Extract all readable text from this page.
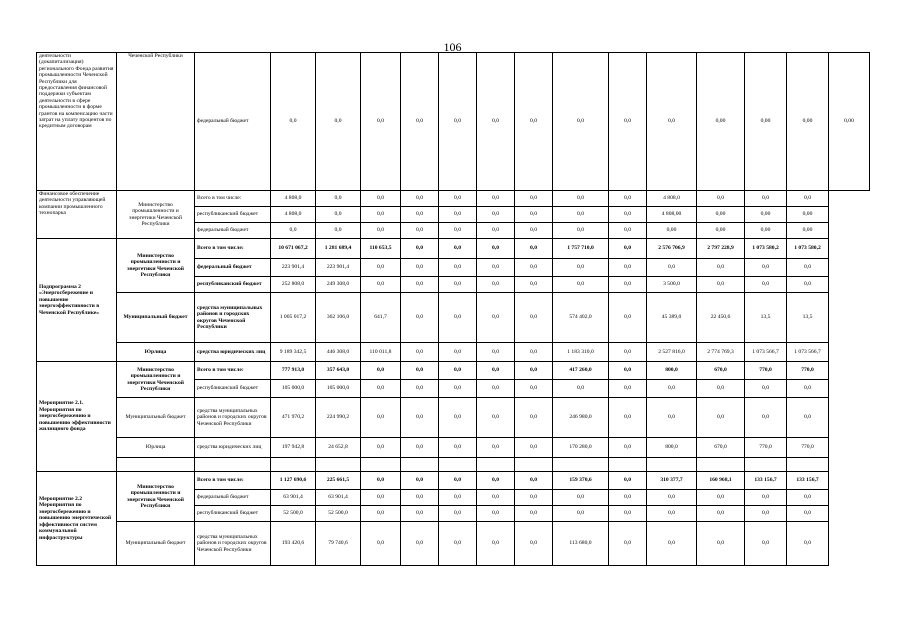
106
деятельности (докапитализация) регионального Фонда развития промышленности Чеченской Республики для предоставления финансовой поддержки субъектам деятельности в сфере промышленности в форме грантов на компенсацию части затрат на уплату процентов по кредитным договорам	Чеченской Республики	федеральный бюджет	0,0	0,0	0,0	0,0	0,0	0,0	0,0	0,0	0,0	0,0	0,00	0,00	0,00	0,00
Финансовое обеспечение деятельности управляющей компании промышленного технопарка	Министерство промышленности и энергетики Чеченской Республики	Всего в том числе:	4 808,0	0,0	0,0	0,0	0,0	0,0	0,0	0,0	0,0	4 808,0	0,0	0,0	0,0	
		республиканский бюджет	4 808,0	0,0	0,0	0,0	0,0	0,0	0,0	0,0	0,0	4 808,00	0,00	0,00	0,00	
		федеральный бюджет	0,0	0,0	0,0	0,0	0,0	0,0	0,0	0,0	0,0	0,00	0,00	0,00	0,00	
Подпрограмма 2 «Энергосбережение и повышение энергоэффективности в Чеченской Республике»	Министерство промышленности и энергетики Чеченской Республики	Всего в том числе:	10 671 067,2	1 281 689,4	110 653,5	0,0	0,0	0,0	0,0	1 757 710,0	0,0	2 576 706,9	2 797 228,9	1 073 580,2	1 073 580,2	
		федеральный бюджет	223 901,4	223 901,4	0,0	0,0	0,0	0,0	0,0	0,0	0,0	0,0	0,0	0,0	0,0	
		республиканский бюджет	252 808,0	249 308,0	0,0	0,0	0,0	0,0	0,0	0,0	0,0	3 500,0	0,0	0,0	0,0	
	Муниципальный бюджет	средства муниципальных районов и городских округов Чеченской Республики	1 005 017,2	362 106,0	641,7	0,0	0,0	0,0	0,0	574 402,0	0,0	45 389,0	22 450,6	13,5	13,5	
	Юрлица	средства юридических лиц	9 189 342,5	446 308,0	110 011,8	0,0	0,0	0,0	0,0	1 183 310,0	0,0	2 527 816,0	2 774 769,3	1 073 566,7	1 073 566,7	
Мероприятие 2.1. Мероприятия по энергосбережению и повышению эффективности жилищного фонда	Министерство промышленности и энергетики Чеченской Республики	Всего в том числе:	777 913,0	357 643,0	0,0	0,0	0,0	0,0	0,0	417 260,0	0,0	800,0	670,0	770,0	770,0	
		республиканский бюджет	105 000,0	105 000,0	0,0	0,0	0,0	0,0	0,0	0,0	0,0	0,0	0,0	0,0	0,0	
	Муниципальный бюджет	средства муниципальных районов и городских округов Чеченской Республики	471 970,2	224 990,2	0,0	0,0	0,0	0,0	0,0	246 980,0	0,0	0,0	0,0	0,0	0,0	
	Юрлица	средства юридических лиц	197 942,8	24 652,8	0,0	0,0	0,0	0,0	0,0	170 280,0	0,0	800,0	670,0	770,0	770,0	

Мероприятие 2.2 Мероприятия по энергосбережению и повышению энергетической эффективности систем коммунальной инфраструктуры	Министерство промышленности и энергетики Чеченской Республики	Всего в том числе:	1 127 690,6	225 661,5	0,0	0,0	0,0	0,0	0,0	159 370,6	0,0	310 377,7	160 968,1	133 156,7	133 156,7	
		федеральный бюджет	63 901,4	63 901,4	0,0	0,0	0,0	0,0	0,0	0,0	0,0	0,0	0,0	0,0	0,0	
		республиканский бюджет	52 500,0	52 500,0	0,0	0,0	0,0	0,0	0,0	0,0	0,0	0,0	0,0	0,0	0,0	
	Муниципальный бюджет	средства муниципальных районов и городских округов Чеченской Республики	193 420,6	79 740,6	0,0	0,0	0,0	0,0	0,0	113 680,0	0,0	0,0	0,0	0,0	0,0	
